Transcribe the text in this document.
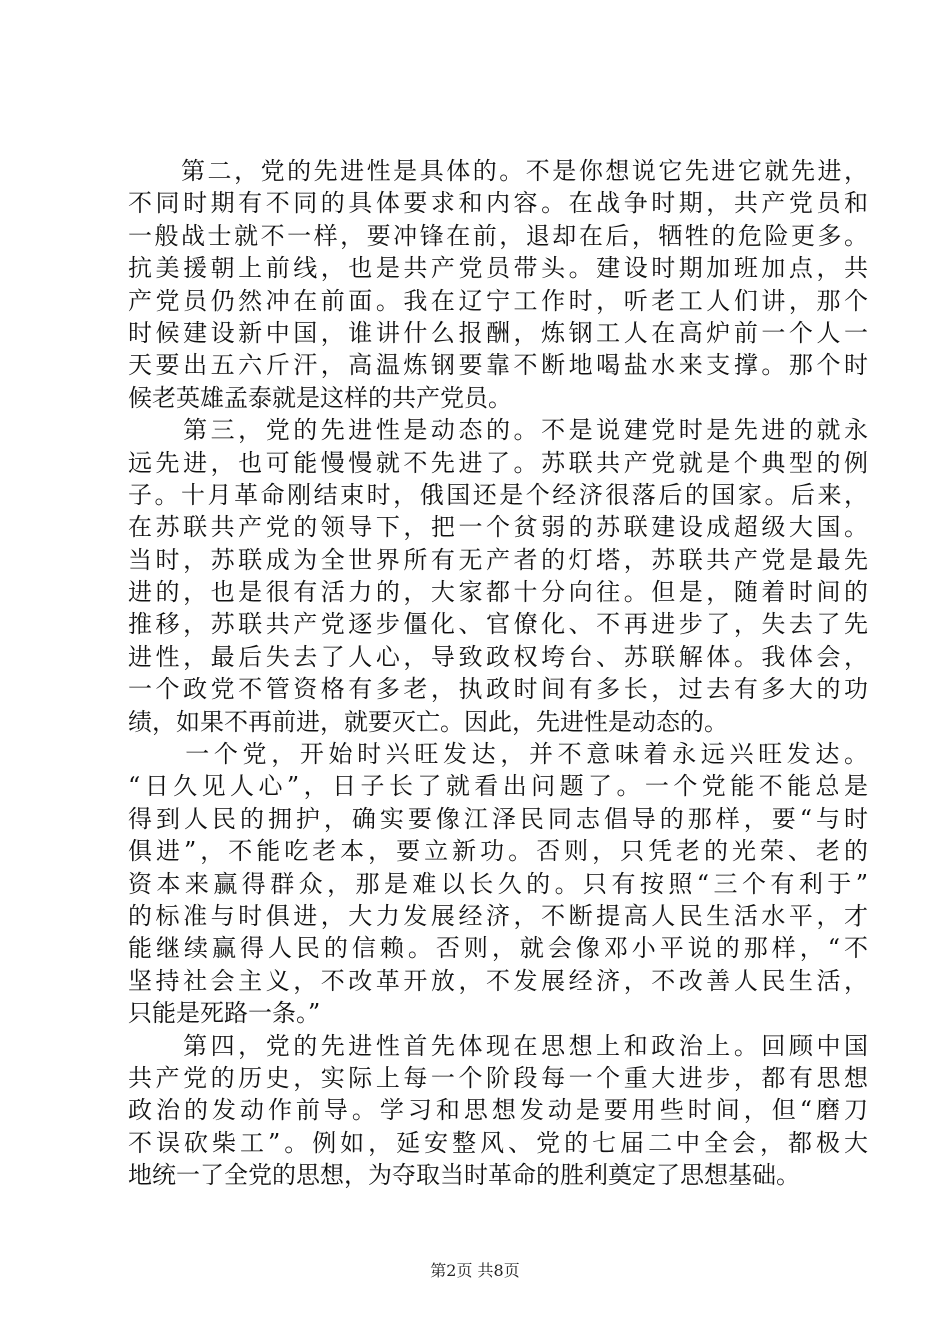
　　第二，党的先进性是具体的。不是你想说它先进它就先进，
不同时期有不同的具体要求和内容。在战争时期，共产党员和
一般战士就不一样，要冲锋在前，退却在后，牺牲的危险更多。
抗美援朝上前线，也是共产党员带头。建设时期加班加点，共
产党员仍然冲在前面。我在辽宁工作时，听老工人们讲，那个
时候建设新中国，谁讲什么报酬，炼钢工人在高炉前一个人一
天要出五六斤汗，高温炼钢要靠不断地喝盐水来支撑。那个时
候老英雄孟泰就是这样的共产党员。
　　第三，党的先进性是动态的。不是说建党时是先进的就永
远先进，也可能慢慢就不先进了。苏联共产党就是个典型的例
子。十月革命刚结束时，俄国还是个经济很落后的国家。后来，
在苏联共产党的领导下，把一个贫弱的苏联建设成超级大国。
当时，苏联成为全世界所有无产者的灯塔，苏联共产党是最先
进的，也是很有活力的，大家都十分向往。但是，随着时间的
推移，苏联共产党逐步僵化、官僚化、不再进步了，失去了先
进性，最后失去了人心，导致政权垮台、苏联解体。我体会，
一个政党不管资格有多老，执政时间有多长，过去有多大的功
绩，如果不再前进，就要灭亡。因此，先进性是动态的。
　　一个党，开始时兴旺发达，并不意味着永远兴旺发达。
“日久见人心”，日子长了就看出问题了。一个党能不能总是
得到人民的拥护，确实要像江泽民同志倡导的那样，要“与时
俱进”，不能吃老本，要立新功。否则，只凭老的光荣、老的
资本来赢得群众，那是难以长久的。只有按照“三个有利于”
的标准与时俱进，大力发展经济，不断提高人民生活水平，才
能继续赢得人民的信赖。否则，就会像邓小平说的那样，“不
坚持社会主义，不改革开放，不发展经济，不改善人民生活，
只能是死路一条。”
　　第四，党的先进性首先体现在思想上和政治上。回顾中国
共产党的历史，实际上每一个阶段每一个重大进步，都有思想
政治的发动作前导。学习和思想发动是要用些时间，但“磨刀
不误砍柴工”。例如，延安整风、党的七届二中全会，都极大
地统一了全党的思想，为夺取当时革命的胜利奠定了思想基础。
第2页 共8页
